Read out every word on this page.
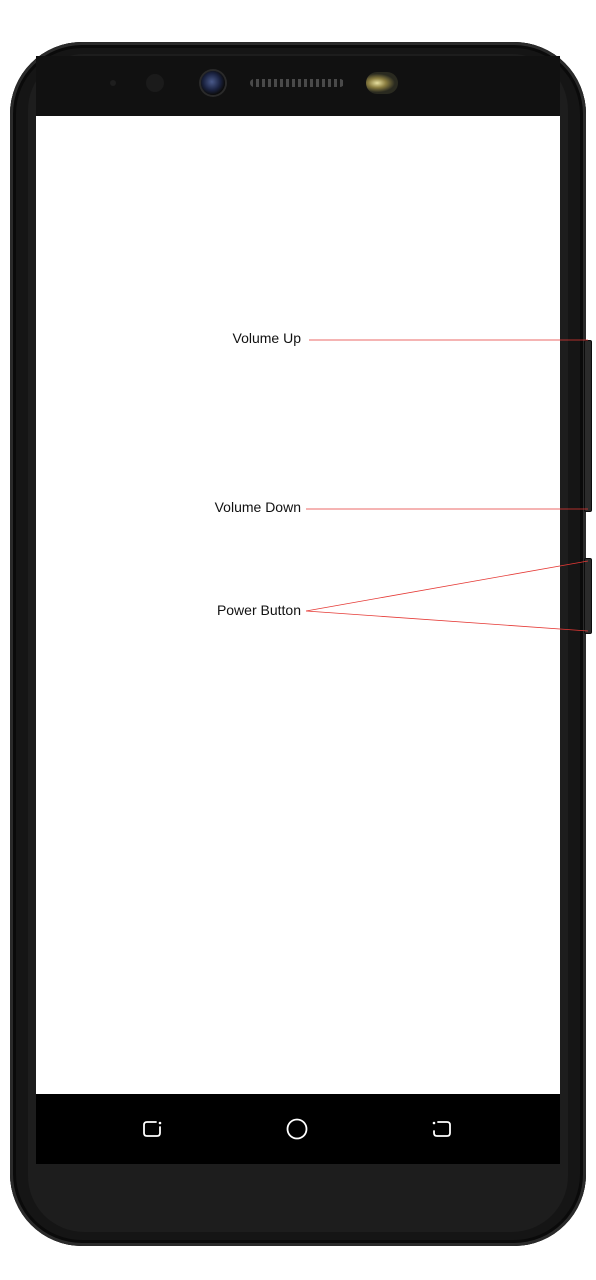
Volume Up
Volume Down
Power Button
